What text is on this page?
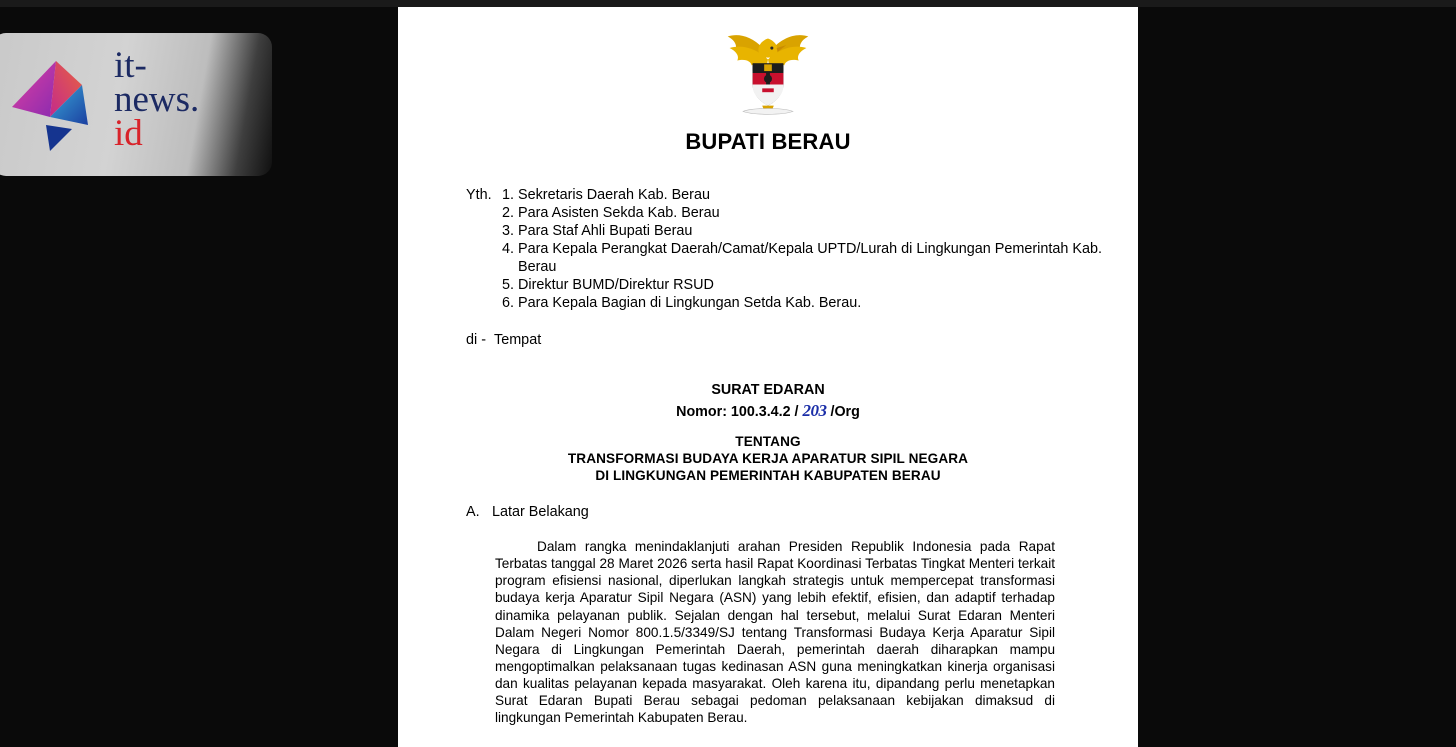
it-
news.
id	BUPATI BERAU
Yth.	1. Sekretaris Daerah Kab. Berau
2. Para Asisten Sekda Kab. Berau
3. Para Staf Ahli Bupati Berau
4. Para Kepala Perangkat Daerah/Camat/Kepala UPTD/Lurah di Lingkungan Pemerintah Kab. Berau
5. Direktur BUMD/Direktur RSUD
6. Para Kepala Bagian di Lingkungan Setda Kab. Berau.
di - Tempat
SURAT EDARAN
Nomor: 100.3.4.2 / 203 /Org
TENTANG
TRANSFORMASI BUDAYA KERJA APARATUR SIPIL NEGARA
DI LINGKUNGAN PEMERINTAH KABUPATEN BERAU
A. Latar Belakang
Dalam rangka menindaklanjuti arahan Presiden Republik Indonesia pada Rapat Terbatas tanggal 28 Maret 2026 serta hasil Rapat Koordinasi Terbatas Tingkat Menteri terkait program efisiensi nasional, diperlukan langkah strategis untuk mempercepat transformasi budaya kerja Aparatur Sipil Negara (ASN) yang lebih efektif, efisien, dan adaptif terhadap dinamika pelayanan publik. Sejalan dengan hal tersebut, melalui Surat Edaran Menteri Dalam Negeri Nomor 800.1.5/3349/SJ tentang Transformasi Budaya Kerja Aparatur Sipil Negara di Lingkungan Pemerintah Daerah, pemerintah daerah diharapkan mampu mengoptimalkan pelaksanaan tugas kedinasan ASN guna meningkatkan kinerja organisasi dan kualitas pelayanan kepada masyarakat. Oleh karena itu, dipandang perlu menetapkan Surat Edaran Bupati Berau sebagai pedoman pelaksanaan kebijakan dimaksud di lingkungan Pemerintah Kabupaten Berau.
